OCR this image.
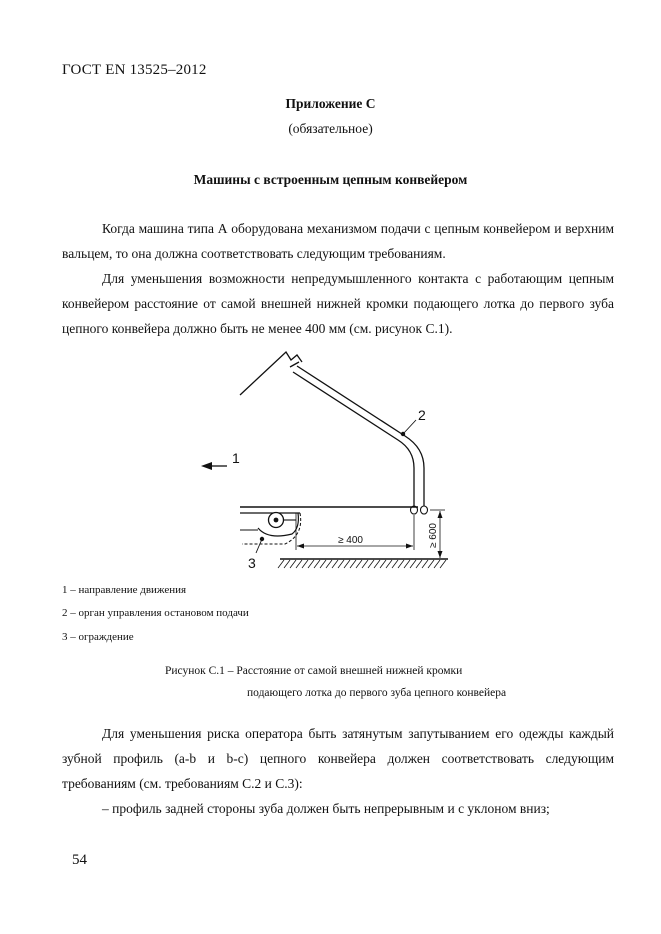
ГОСТ EN 13525–2012
Приложение С
(обязательное)
Машины с встроенным цепным конвейером

Когда машина типа А оборудована механизмом подачи с цепным конвейером и верхним вальцем, то она должна соответствовать следующим требованиям.

Для уменьшения возможности непредумышленного контакта с работающим цепным конвейером расстояние от самой внешней нижней кромки подающего лотка до первого зуба цепного конвейера должно быть не менее 400 мм (см. рисунок С.1).

2
1
3
≥ 400	≥ 600
1 – направление движения
2 – орган управления остановом подачи
3 – ограждение
Рисунок С.1 – Расстояние от самой внешней нижней кромки
подающего лотка до первого зуба цепного конвейера

Для уменьшения риска оператора быть затянутым запутыванием его одежды каждый зубной профиль (a-b и b-c) цепного конвейера должен соответствовать следующим требованиям (см. требованиям С.2 и С.3):

– профиль задней стороны зуба должен быть непрерывным и с уклоном вниз;

54
